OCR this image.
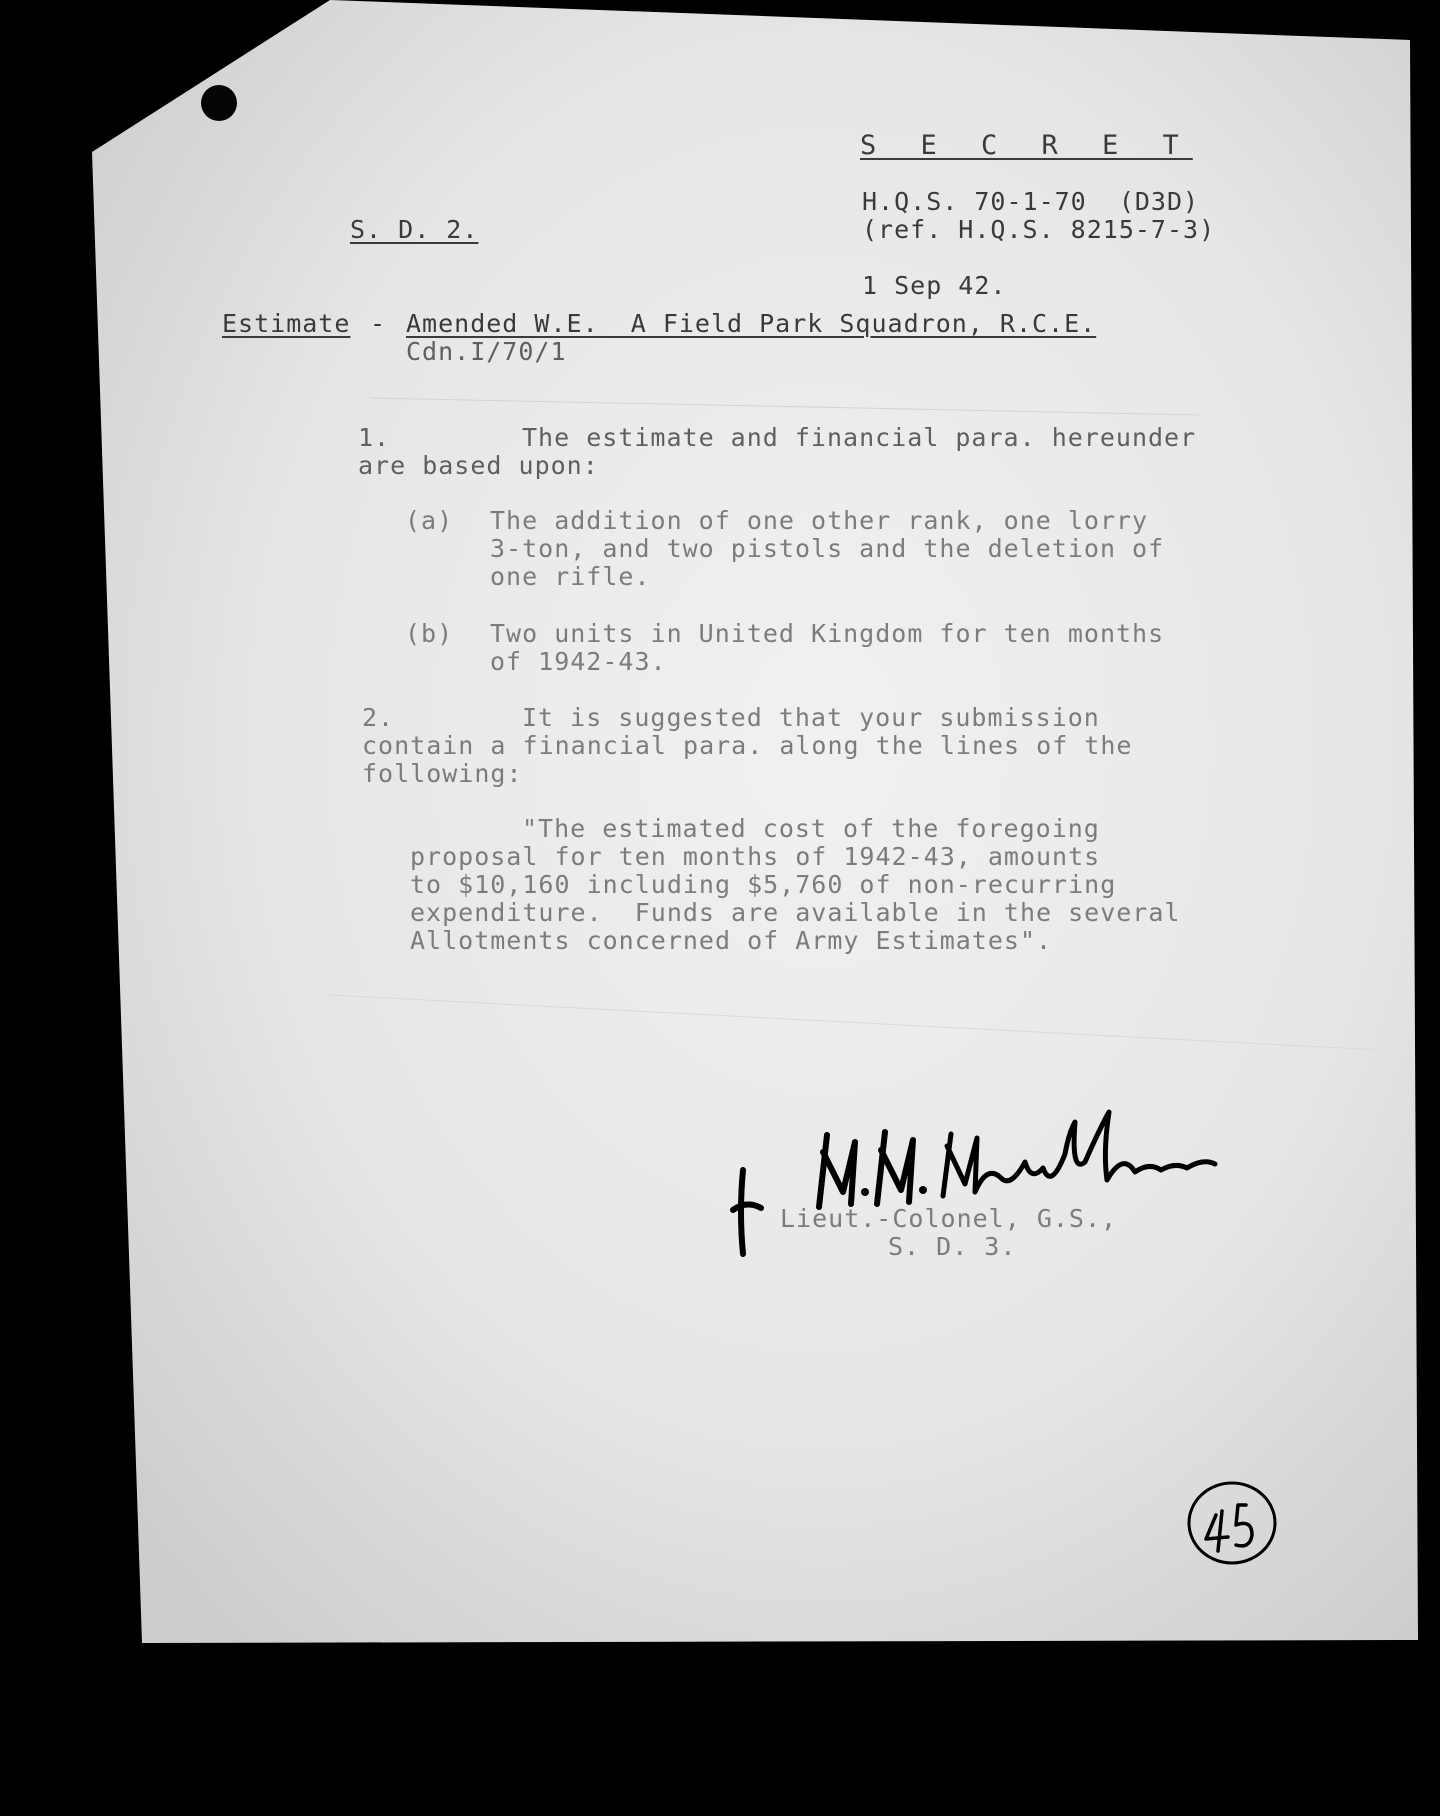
S E C R E T

H.Q.S. 70-1-70  (D3D)

(ref. H.Q.S. 8215-7-3)

S. D. 2.

1 Sep 42.

Estimate - Amended W.E.  A Field Park Squadron, R.C.E.

Cdn.I/70/1

1.	The estimate and financial para. hereunder

are based upon:

(a) The addition of one other rank, one lorry

3-ton, and two pistols and the deletion of

one rifle.

(b) Two units in United Kingdom for ten months

of 1942-43.

2.	It is suggested that your submission

contain a financial para. along the lines of the

following:

"The estimated cost of the foregoing

proposal for ten months of 1942-43, amounts

to $10,160 including $5,760 of non-recurring

expenditure.  Funds are available in the several

Allotments concerned of Army Estimates".

Lieut.-Colonel, G.S.,

S. D. 3.
